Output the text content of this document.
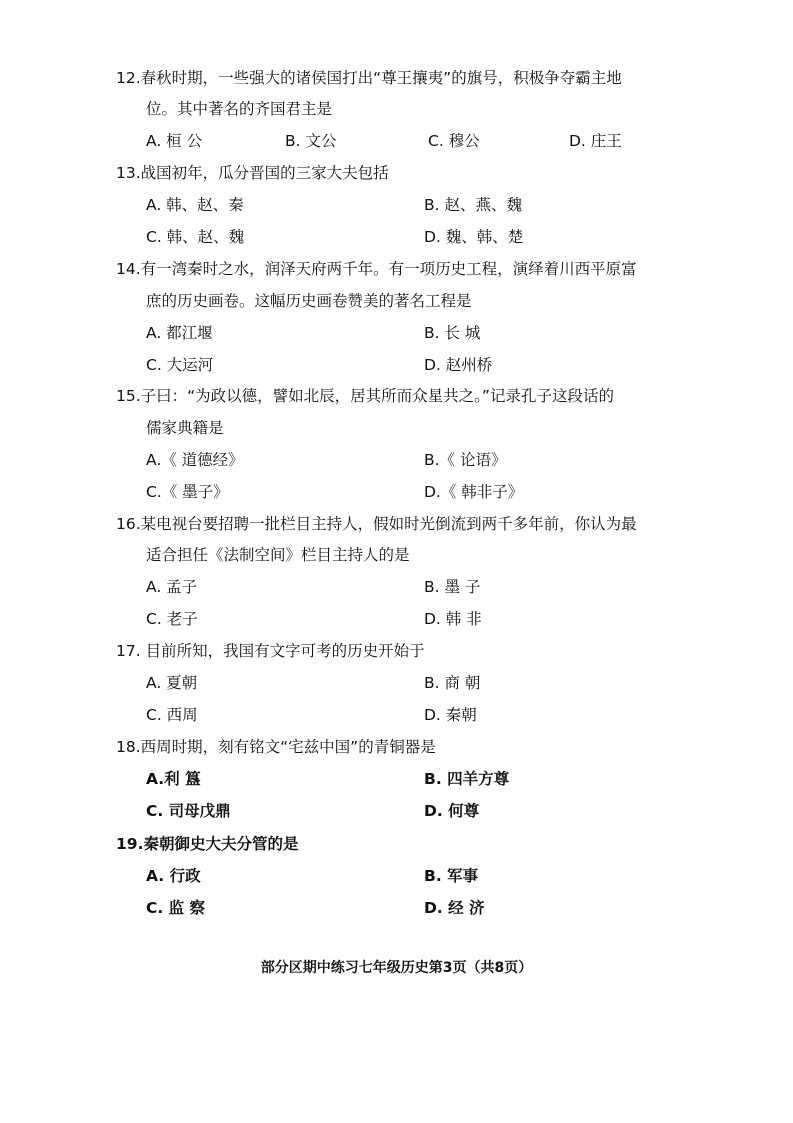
12.春秋时期，一些强大的诸侯国打出“尊王攘夷”的旗号，积极争夺霸主地
位。其中著名的齐国君主是
A. 桓 公	B. 文公	C. 穆公	D. 庄王
13.战国初年，瓜分晋国的三家大夫包括
A. 韩、赵、秦	B. 赵、燕、魏
C. 韩、赵、魏	D. 魏、韩、楚
14.有一湾秦时之水，润泽天府两千年。有一项历史工程，演绎着川西平原富
庶的历史画卷。这幅历史画卷赞美的著名工程是
A. 都江堰	B. 长 城
C. 大运河	D. 赵州桥
15.子曰：“为政以德，譬如北辰，居其所而众星共之。”记录孔子这段话的
儒家典籍是
A.《 道德经》	B.《 论语》
C.《 墨子》	D.《 韩非子》
16.某电视台要招聘一批栏目主持人，假如时光倒流到两千多年前，你认为最
适合担任《法制空间》栏目主持人的是
A. 孟子	B. 墨 子
C. 老子	D. 韩 非
17. 目前所知，我国有文字可考的历史开始于
A. 夏朝	B. 商 朝
C. 西周	D. 秦朝
18.西周时期，刻有铭文“宅兹中国”的青铜器是
A.利 簋	B. 四羊方尊
C. 司母戊鼎	D. 何尊
19.秦朝御史大夫分管的是
A. 行政	B. 军事
C. 监 察	D. 经 济
部分区期中练习七年级历史第3页（共8页）
